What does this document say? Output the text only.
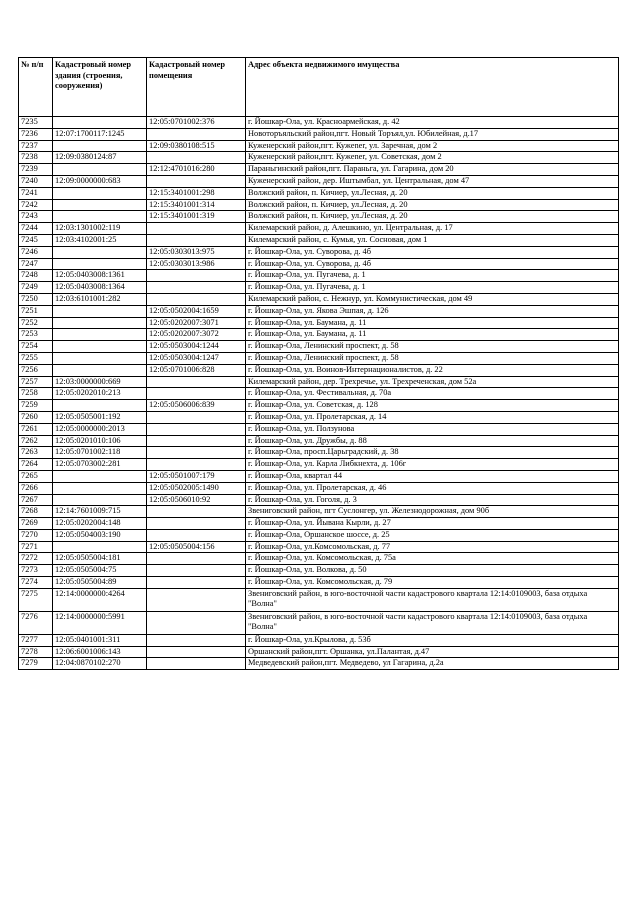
№ п/п	Кадастровый номер здания (строения, сооружения)	Кадастровый номер помещения	Адрес объекта недвижимого имущества
7235		12:05:0701002:376	г. Йошкар-Ола, ул. Красноармейская, д. 42
7236	12:07:1700117:1245		Новоторъяльский район,пгт. Новый Торъял,ул. Юбилейная, д.17
7237		12:09:0380108:515	Куженерский район,пгт. Кужener, ул. Заречная, дом 2
7238	12:09:0380124:87		Куженерский район,пгт. Кужener, ул. Советская, дом 2
7239		12:12:4701016:280	Параньгинский район,пгт. Параньга, ул. Гагарина, дом 20
7240	12:09:0000000:683		Куженерский район, дер. Иштымбал, ул. Центральная, дом 47
7241		12:15:3401001:298	Волжский район, п. Кичиер, ул.Лесная, д. 20
7242		12:15:3401001:314	Волжский район, п. Кичиер, ул.Лесная, д. 20
7243		12:15:3401001:319	Волжский район, п. Кичиер, ул.Лесная, д. 20
7244	12:03:1301002:119		Килемарский район, д. Алешкино, ул. Центральная, д. 17
7245	12:03:4102001:25		Килемарский район, с. Кумья, ул. Сосновая, дом 1
7246		12:05:0303013:975	г. Йошкар-Ола, ул. Суворова, д. 4б
7247		12:05:0303013:986	г. Йошкар-Ола, ул. Суворова, д. 4б
7248	12:05:0403008:1361		г. Йошкар-Ола, ул. Пугачева, д. 1
7249	12:05:0403008:1364		г. Йошкар-Ола, ул. Пугачева, д. 1
7250	12:03:6101001:282		Килемарский район, с. Нежнур, ул. Коммунистическая, дом 49
7251		12:05:0502004:1659	г. Йошкар-Ола, ул. Якова Эшпая, д. 126
7252		12:05:0202007:3071	г. Йошкар-Ола, ул. Баумана, д. 11
7253		12:05:0202007:3072	г. Йошкар-Ола, ул. Баумана, д. 11
7254		12:05:0503004:1244	г. Йошкар-Ола, Ленинский проспект, д. 58
7255		12:05:0503004:1247	г. Йошкар-Ола, Ленинский проспект, д. 58
7256		12:05:0701006:828	г. Йошкар-Ола, ул. Воинов-Интернационалистов, д. 22
7257	12:03:0000000:669		Килемарский район, дер. Трехречье, ул. Трехреченская, дом 52а
7258	12:05:0202010:213		г. Йошкар-Ола, ул. Фестивальная, д. 70а
7259		12:05:0506006:839	г. Йошкар-Ола, ул. Советская, д. 128
7260	12:05:0505001:192		г. Йошкар-Ола, ул. Пролетарская, д. 14
7261	12:05:0000000:2013		г. Йошкар-Ола, ул. Ползунова
7262	12:05:0201010:106		г. Йошкар-Ола, ул. Дружбы, д. 88
7263	12:05:0701002:118		г. Йошкар-Ола, просп.Царьградский, д. 38
7264	12:05:0703002:281		г. Йошкар-Ола, ул. Карла Либкнехта, д. 106г
7265		12:05:0501007:179	г. Йошкар-Ола, квартал 44
7266		12:05:0502005:1490	г. Йошкар-Ола, ул. Пролетарская, д. 46
7267		12:05:0506010:92	г. Йошкар-Ола, ул. Гоголя, д. 3
7268	12:14:7601009:715		Звениговский район, пгт Суслонгер, ул. Железнодорожная, дом 90б
7269	12:05:0202004:148		г. Йошкар-Ола, ул. Йывана Кырли, д. 27
7270	12:05:0504003:190		г. Йошкар-Ола, Оршанское шоссе, д. 25
7271		12:05:0505004:156	г. Йошкар-Ола, ул.Комсомольская, д. 77
7272	12:05:0505004:181		г. Йошкар-Ола, ул. Комсомольская, д. 75а
7273	12:05:0505004:75		г. Йошкар-Ола, ул. Волкова, д. 50
7274	12:05:0505004:89		г. Йошкар-Ола, ул. Комсомольская, д. 79
7275	12:14:0000000:4264		Звениговский район, в юго-восточной части кадастрового квартала 12:14:0109003, база отдыха "Волна"
7276	12:14:0000000:5991		Звениговский район, в юго-восточной части кадастрового квартала 12:14:0109003, база отдыха "Волна"
7277	12:05:0401001:311		г. Йошкар-Ола, ул.Крылова, д. 53б
7278	12:06:6001006:143		Оршанский район,пгт. Оршанка, ул.Палантая, д.47
7279	12:04:0870102:270		Медведевский район,пгт. Медведево, ул Гагарина, д.2а
